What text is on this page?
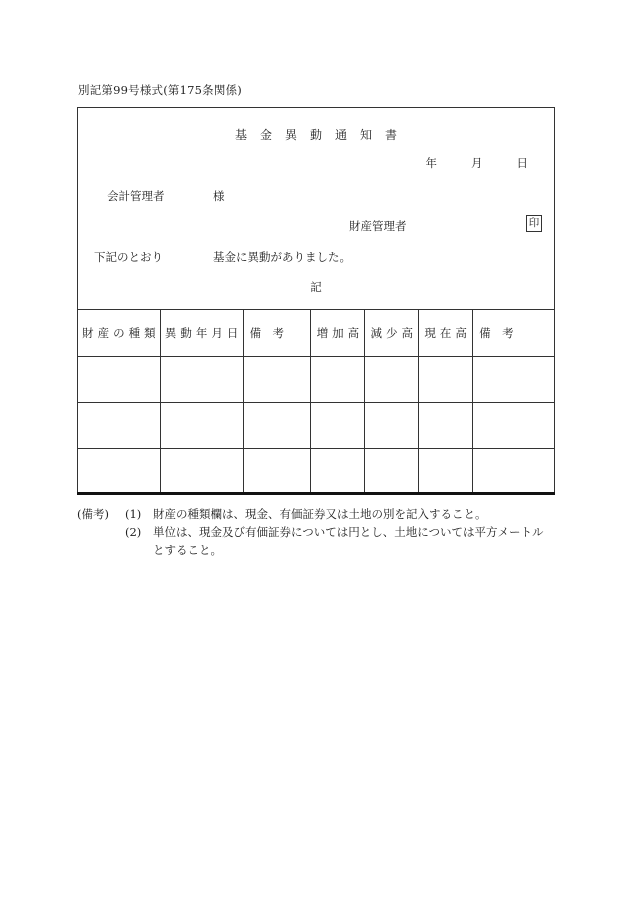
別記第99号様式(第175条関係)
基金異動通知書
年	月	日
会計管理者	様
財産管理者	印
下記のとおり	基金に異動がありました。
記
財産の種類	異動年月日	備　考	増加高	減少高	現在高	備　考

(備考)	(1)	財産の種類欄は、現金、有価証券又は土地の別を記入すること。
(2)	単位は、現金及び有価証券については円とし、土地については平方メートル
とすること。
